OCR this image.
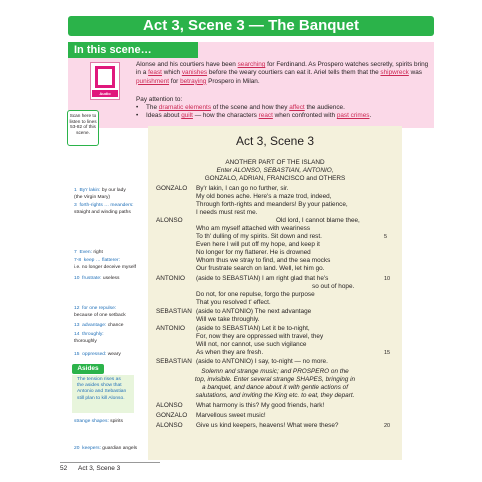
Act 3, Scene 3 — The Banquet
In this scene…
Audio
Alonse and his courtiers have been searching for Ferdinand. As Prospero watches secretly, spirits bring in a feast which vanishes before the weary courtiers can eat it. Ariel tells them that the shipwreck was punishment for betraying Prospero in Milan.
Pay attention to:
• The dramatic elements of the scene and how they affect the audience.
• Ideas about guilt — how the characters react when confronted with past crimes.
Scan here to
listen to lines
53-82 of this
scene.
Act 3, Scene 3
ANOTHER PART OF THE ISLAND
Enter ALONSO, SEBASTIAN, ANTONIO,
GONZALO, ADRIAN, FRANCISCO and OTHERS
GONZALO By'r lakin, I can go no further, sir.
My old bones ache. Here's a maze trod, indeed,
Through forth-rights and meanders! By your patience,
I needs must rest me.
ALONSO	Old lord, I cannot blame thee,
Who am myself attached with weariness
To th' dulling of my spirits. Sit down and rest.
Even here I will put off my hope, and keep it
No longer for my flatterer. He is drowned
Whom thus we stray to find, and the sea mocks
Our frustrate search on land. Well, let him go.
ANTONIO (aside to SEBASTIAN) I am right glad that he's
so out of hope.
Do not, for one repulse, forgo the purpose
That you resolved t' effect.
SEBASTIAN (aside to ANTONIO) The next advantage
Will we take throughly.
ANTONIO (aside to SEBASTIAN) Let it be to-night,
For, now they are oppressed with travel, they
Will not, nor cannot, use such vigilance
As when they are fresh.
SEBASTIAN (aside to ANTONIO) I say, to-night — no more.
Solemn and strange music; and PROSPERO on the
top, invisible. Enter several strange SHAPES, bringing in
a banquet, and dance about it with gentle actions of
salutations, and inviting the King etc. to eat, they depart.
ALONSO What harmony is this? My good friends, hark!
GONZALO Marvellous sweet music!
ALONSO Give us kind keepers, heavens! What were these?
5
10
15
20
1 By'r lakin: by our lady
(the Virgin Mary)
3 forth-rights … meanders:
straight and winding paths
7 Even: right
7-8 keep … flatterer:
i.e. no longer deceive myself
10 frustrate: useless
12 for one repulse:
because of one setback
13 advantage: chance
14 throughly:
thoroughly
15 oppressed: weary
Asides
The tension rises as
the asides show that
Antonio and Sebastian
still plan to kill Alonso.
strange shapes: spirits
20 keepers: guardian angels
52 Act 3, Scene 3
